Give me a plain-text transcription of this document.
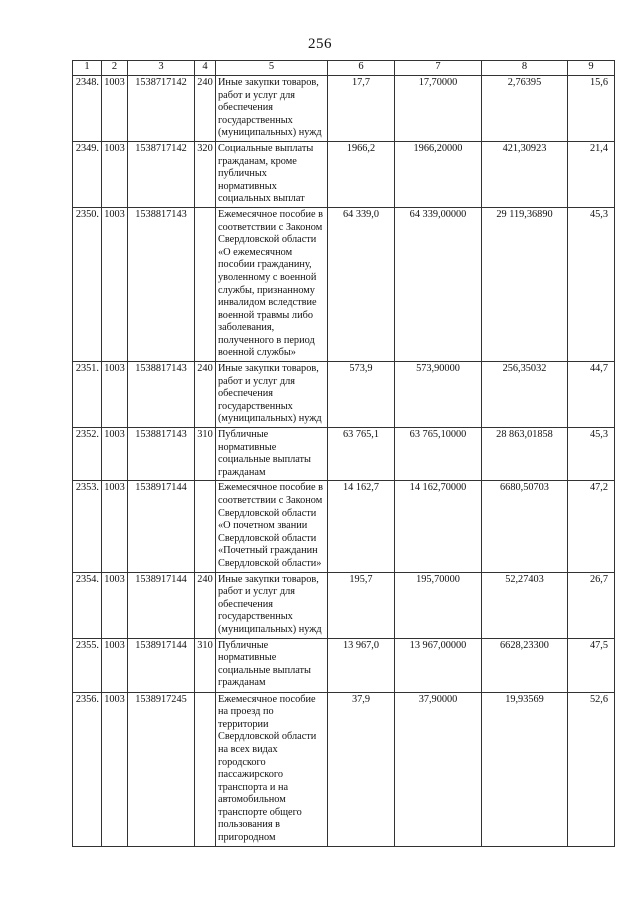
256
1	2	3	4	5	6	7	8	9
2348.	1003	1538717142	240	Иные закупки товаров, работ и услуг для обеспечения государственных (муниципальных) нужд	17,7	17,70000	2,76395	15,6
2349.	1003	1538717142	320	Социальные выплаты гражданам, кроме публичных нормативных социальных выплат	1966,2	1966,20000	421,30923	21,4
2350.	1003	1538817143		Ежемесячное пособие в соответствии с Законом Свердловской области «О ежемесячном пособии гражданину, уволенному с военной службы, признанному инвалидом вследствие военной травмы либо заболевания, полученного в период военной службы»	64 339,0	64 339,00000	29 119,36890	45,3
2351.	1003	1538817143	240	Иные закупки товаров, работ и услуг для обеспечения государственных (муниципальных) нужд	573,9	573,90000	256,35032	44,7
2352.	1003	1538817143	310	Публичные нормативные социальные выплаты гражданам	63 765,1	63 765,10000	28 863,01858	45,3
2353.	1003	1538917144		Ежемесячное пособие в соответствии с Законом Свердловской области «О почетном звании Свердловской области «Почетный гражданин Свердловской области»	14 162,7	14 162,70000	6680,50703	47,2
2354.	1003	1538917144	240	Иные закупки товаров, работ и услуг для обеспечения государственных (муниципальных) нужд	195,7	195,70000	52,27403	26,7
2355.	1003	1538917144	310	Публичные нормативные социальные выплаты гражданам	13 967,0	13 967,00000	6628,23300	47,5
2356.	1003	1538917245		Ежемесячное пособие на проезд по территории Свердловской области на всех видах городского пассажирского транспорта и на автомобильном транспорте общего пользования в пригородном	37,9	37,90000	19,93569	52,6
